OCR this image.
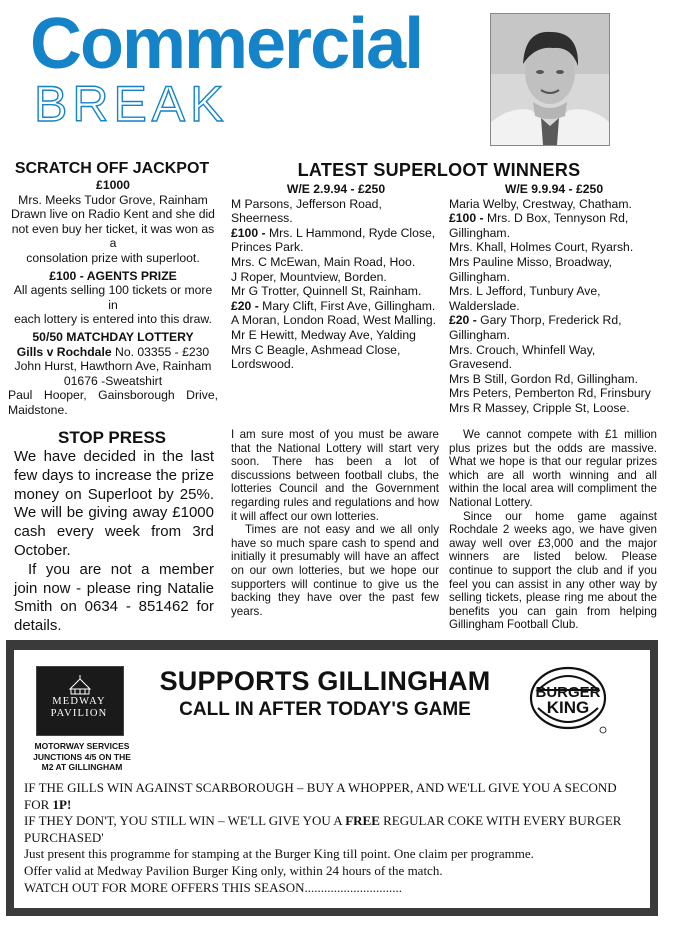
Commercial
BREAK
SCRATCH OFF JACKPOT
£1000
Mrs. Meeks Tudor Grove, Rainham
Drawn live on Radio Kent and she did
not even buy her ticket, it was won as a
consolation prize with superloot.
£100 - AGENTS PRIZE
All agents selling 100 tickets or more in
each lottery is entered into this draw.
50/50 MATCHDAY LOTTERY
Gills v Rochdale No. 03355 - £230
John Hurst, Hawthorn Ave, Rainham
01676 -Sweatshirt
Paul Hooper, Gainsborough Drive,
Maidstone.
LATEST SUPERLOOT WINNERS
W/E 2.9.94 - £250
M Parsons, Jefferson Road, Sheerness.
£100 - Mrs. L Hammond, Ryde Close, Princes Park.
Mrs. C McEwan, Main Road, Hoo.
J Roper, Mountview, Borden.
Mr G Trotter, Quinnell St, Rainham.
£20 - Mary Clift, First Ave, Gillingham.
A Moran, London Road, West Malling.
Mr E Hewitt, Medway Ave, Yalding
Mrs C Beagle, Ashmead Close, Lordswood.
W/E 9.9.94 - £250
Maria Welby, Crestway, Chatham.
£100 - Mrs. D Box, Tennyson Rd, Gillingham.
Mrs. Khall, Holmes Court, Ryarsh.
Mrs Pauline Misso, Broadway, Gillingham.
Mrs. L Jefford, Tunbury Ave, Walderslade.
£20 - Gary Thorp, Frederick Rd, Gillingham.
Mrs. Crouch, Whinfell Way, Gravesend.
Mrs B Still, Gordon Rd, Gillingham.
Mrs Peters, Pemberton Rd, Frinsbury
Mrs R Massey, Cripple St, Loose.
STOP PRESS
We have decided in the last few days to increase the prize money on Superloot by 25%. We will be giving away £1000 cash every week from 3rd October.
If you are not a member join now - please ring Natalie Smith on 0634 - 851462 for details.
I am sure most of you must be aware that the National Lottery will start very soon. There has been a lot of discussions between football clubs, the lotteries Council and the Government regarding rules and regulations and how it will affect our own lotteries.
Times are not easy and we all only have so much spare cash to spend and initially it presumably will have an affect on our own lotteries, but we hope our supporters will continue to give us the backing they have over the past few years.
We cannot compete with £1 million plus prizes but the odds are massive. What we hope is that our regular prizes which are all worth winning and all within the local area will compliment the National Lottery.
Since our home game against Rochdale 2 weeks ago, we have given away well over £3,000 and the major winners are listed below. Please continue to support the club and if you feel you can assist in any other way by selling tickets, please ring me about the benefits you can gain from helping Gillingham Football Club.
MEDWAY
PAVILION
MOTORWAY SERVICES
JUNCTIONS 4/5 ON THE
M2 AT GILLINGHAM
SUPPORTS GILLINGHAM
CALL IN AFTER TODAY'S GAME
BURGER
KING
IF THE GILLS WIN AGAINST SCARBOROUGH – BUY A WHOPPER, AND WE'LL GIVE YOU A SECOND FOR 1P!
IF THEY DON'T, YOU STILL WIN – WE'LL GIVE YOU A FREE REGULAR COKE WITH EVERY BURGER PURCHASED'
Just present this programme for stamping at the Burger King till point. One claim per programme.
Offer valid at Medway Pavilion Burger King only, within 24 hours of the match.
WATCH OUT FOR MORE OFFERS THIS SEASON..............................
